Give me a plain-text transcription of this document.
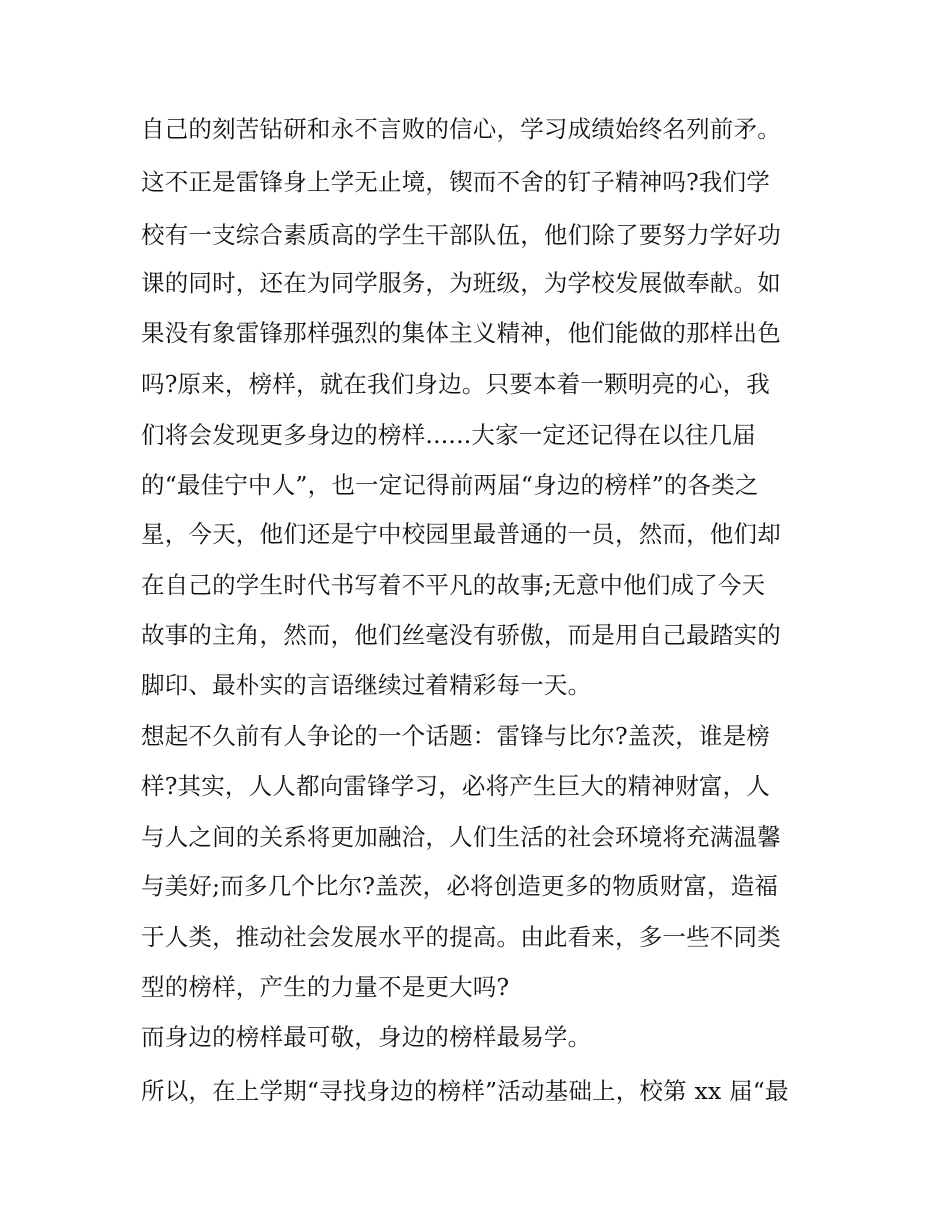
自己的刻苦钻研和永不言败的信心，学习成绩始终名列前矛。

这不正是雷锋身上学无止境，锲而不舍的钉子精神吗?我们学

校有一支综合素质高的学生干部队伍，他们除了要努力学好功

课的同时，还在为同学服务，为班级，为学校发展做奉献。如

果没有象雷锋那样强烈的集体主义精神，他们能做的那样出色

吗?原来，榜样，就在我们身边。只要本着一颗明亮的心，我

们将会发现更多身边的榜样......大家一定还记得在以往几届

的“最佳宁中人”，也一定记得前两届“身边的榜样”的各类之

星，今天，他们还是宁中校园里最普通的一员，然而，他们却

在自己的学生时代书写着不平凡的故事;无意中他们成了今天

故事的主角，然而，他们丝毫没有骄傲，而是用自己最踏实的

脚印、最朴实的言语继续过着精彩每一天。

想起不久前有人争论的一个话题：雷锋与比尔?盖茨，谁是榜

样?其实，人人都向雷锋学习，必将产生巨大的精神财富，人

与人之间的关系将更加融洽，人们生活的社会环境将充满温馨

与美好;而多几个比尔?盖茨，必将创造更多的物质财富，造福

于人类，推动社会发展水平的提高。由此看来，多一些不同类

型的榜样，产生的力量不是更大吗?

而身边的榜样最可敬，身边的榜样最易学。

所以，在上学期“寻找身边的榜样”活动基础上，校第 xx 届“最
